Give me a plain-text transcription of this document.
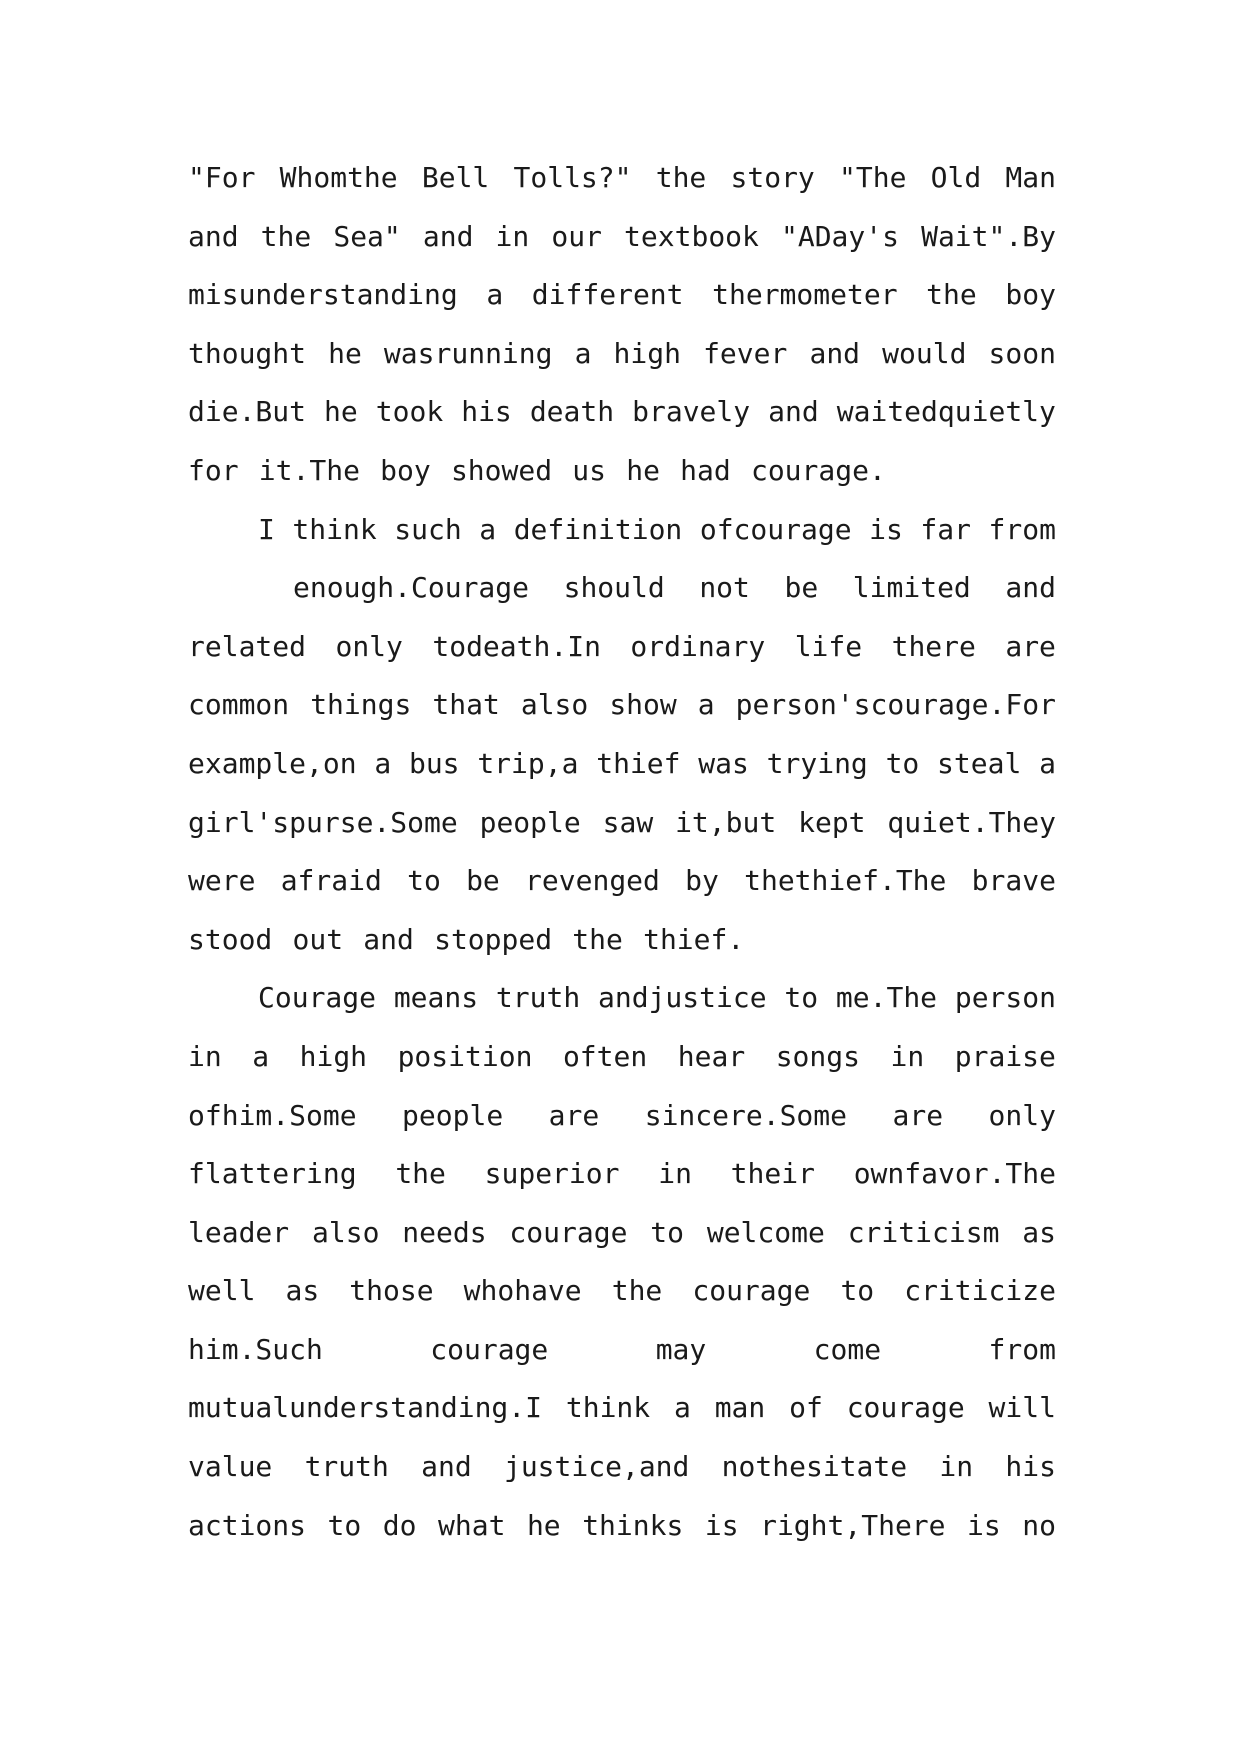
"For Whomthe Bell Tolls?" the story "The Old Man
and the Sea" and in our textbook "ADay's Wait".By
misunderstanding a different thermometer the boy
thought he wasrunning a high fever and would soon
die.But he took his death bravely and waitedquietly
for it.The boy showed us he had courage.
I think such a definition ofcourage is far from
enough.Courage should not be limited and
related only todeath.In ordinary life there are
common things that also show a person'scourage.For
example,on a bus trip,a thief was trying to steal a
girl'spurse.Some people saw it,but kept quiet.They
were afraid to be revenged by thethief.The brave
stood out and stopped the thief.
Courage means truth andjustice to me.The person
in a high position often hear songs in praise
ofhim.Some people are sincere.Some are only
flattering the superior in their ownfavor.The
leader also needs courage to welcome criticism as
well as those whohave the courage to criticize
him.Such	courage	may	come	from
mutualunderstanding.I think a man of courage will
value truth and justice,and nothesitate in his
actions to do what he thinks is right,There is no
